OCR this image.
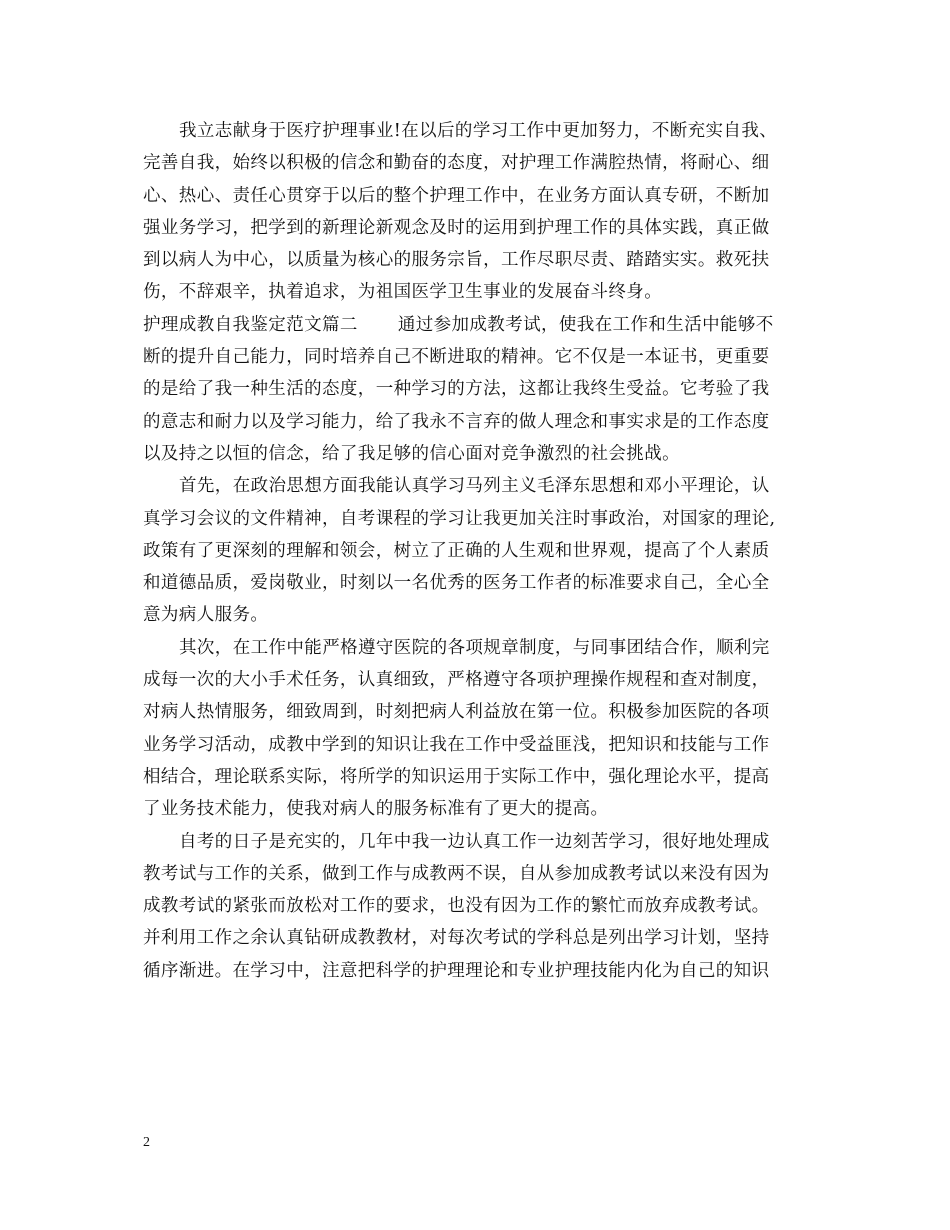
我立志献身于医疗护理事业!在以后的学习工作中更加努力，不断充实自我、
完善自我，始终以积极的信念和勤奋的态度，对护理工作满腔热情，将耐心、细
心、热心、责任心贯穿于以后的整个护理工作中，在业务方面认真专研，不断加
强业务学习，把学到的新理论新观念及时的运用到护理工作的具体实践，真正做
到以病人为中心，以质量为核心的服务宗旨，工作尽职尽责、踏踏实实。救死扶
伤，不辞艰辛，执着追求，为祖国医学卫生事业的发展奋斗终身。
护理成教自我鉴定范文篇二 通过参加成教考试，使我在工作和生活中能够不
断的提升自己能力，同时培养自己不断进取的精神。它不仅是一本证书，更重要
的是给了我一种生活的态度，一种学习的方法，这都让我终生受益。它考验了我
的意志和耐力以及学习能力，给了我永不言弃的做人理念和事实求是的工作态度
以及持之以恒的信念，给了我足够的信心面对竞争激烈的社会挑战。
首先，在政治思想方面我能认真学习马列主义毛泽东思想和邓小平理论，认
真学习会议的文件精神，自考课程的学习让我更加关注时事政治，对国家的理论,
政策有了更深刻的理解和领会，树立了正确的人生观和世界观，提高了个人素质
和道德品质，爱岗敬业，时刻以一名优秀的医务工作者的标准要求自己，全心全
意为病人服务。
其次，在工作中能严格遵守医院的各项规章制度，与同事团结合作，顺利完
成每一次的大小手术任务，认真细致，严格遵守各项护理操作规程和查对制度，
对病人热情服务，细致周到，时刻把病人利益放在第一位。积极参加医院的各项
业务学习活动，成教中学到的知识让我在工作中受益匪浅，把知识和技能与工作
相结合，理论联系实际，将所学的知识运用于实际工作中，强化理论水平，提高
了业务技术能力，使我对病人的服务标准有了更大的提高。
自考的日子是充实的，几年中我一边认真工作一边刻苦学习，很好地处理成
教考试与工作的关系，做到工作与成教两不误，自从参加成教考试以来没有因为
成教考试的紧张而放松对工作的要求，也没有因为工作的繁忙而放弃成教考试。
并利用工作之余认真钻研成教教材，对每次考试的学科总是列出学习计划，坚持
循序渐进。在学习中，注意把科学的护理理论和专业护理技能内化为自己的知识
2
